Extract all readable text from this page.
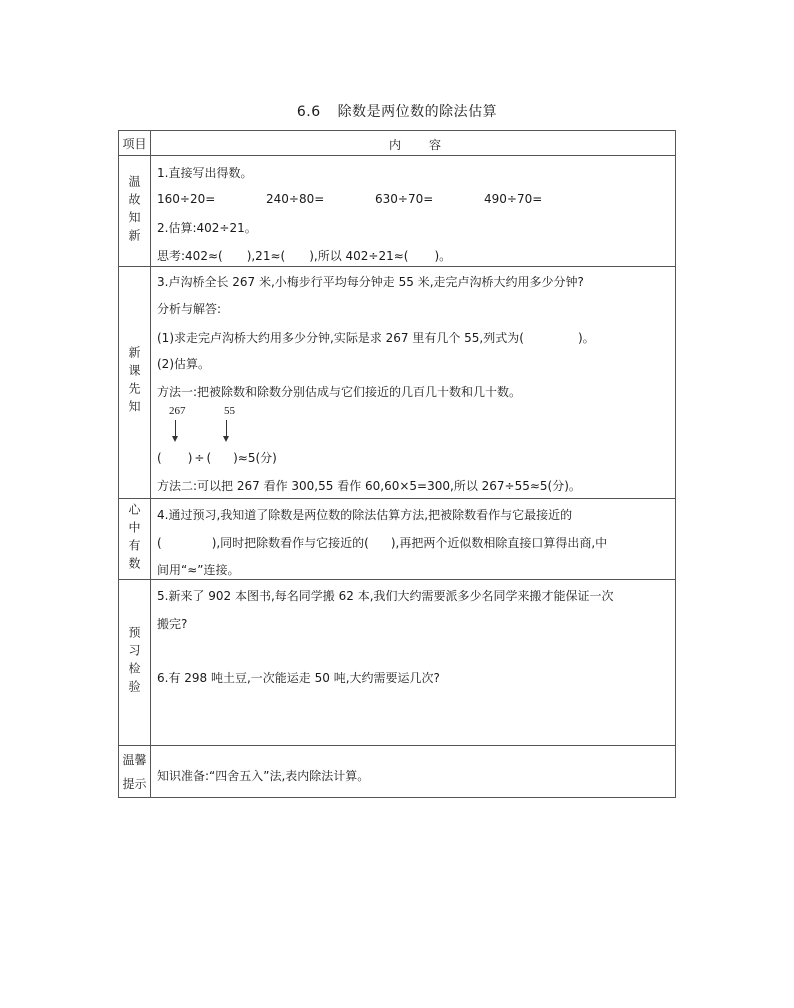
6.6 除数是两位数的除法估算
项目	内 容
温故知新
1.直接写出得数。
160÷20=	240÷80=	630÷70=	490÷70=
2.估算:402÷21。
思考:402≈( ),21≈( ),所以 402÷21≈( )。
新课先知
3.卢沟桥全长 267 米,小梅步行平均每分钟走 55 米,走完卢沟桥大约用多少分钟?
分析与解答:
(1)求走完卢沟桥大约用多少分钟,实际是求 267 里有几个 55,列式为(	)。
(2)估算。
方法一:把被除数和除数分别估成与它们接近的几百几十数和几十数。
267	55
( ) ÷ ( )≈5(分)
方法二:可以把 267 看作 300,55 看作 60,60×5=300,所以 267÷55≈5(分)。
心中有数 4.通过预习,我知道了除数是两位数的除法估算方法,把被除数看作与它最接近的
(	),同时把除数看作与它接近的( ),再把两个近似数相除直接口算得出商,中
间用“≈”连接。
预习检验
5.新来了 902 本图书,每名同学搬 62 本,我们大约需要派多少名同学来搬才能保证一次
搬完?
6.有 298 吨土豆,一次能运走 50 吨,大约需要运几次?
温馨
提示
知识准备:“四舍五入”法,表内除法计算。
